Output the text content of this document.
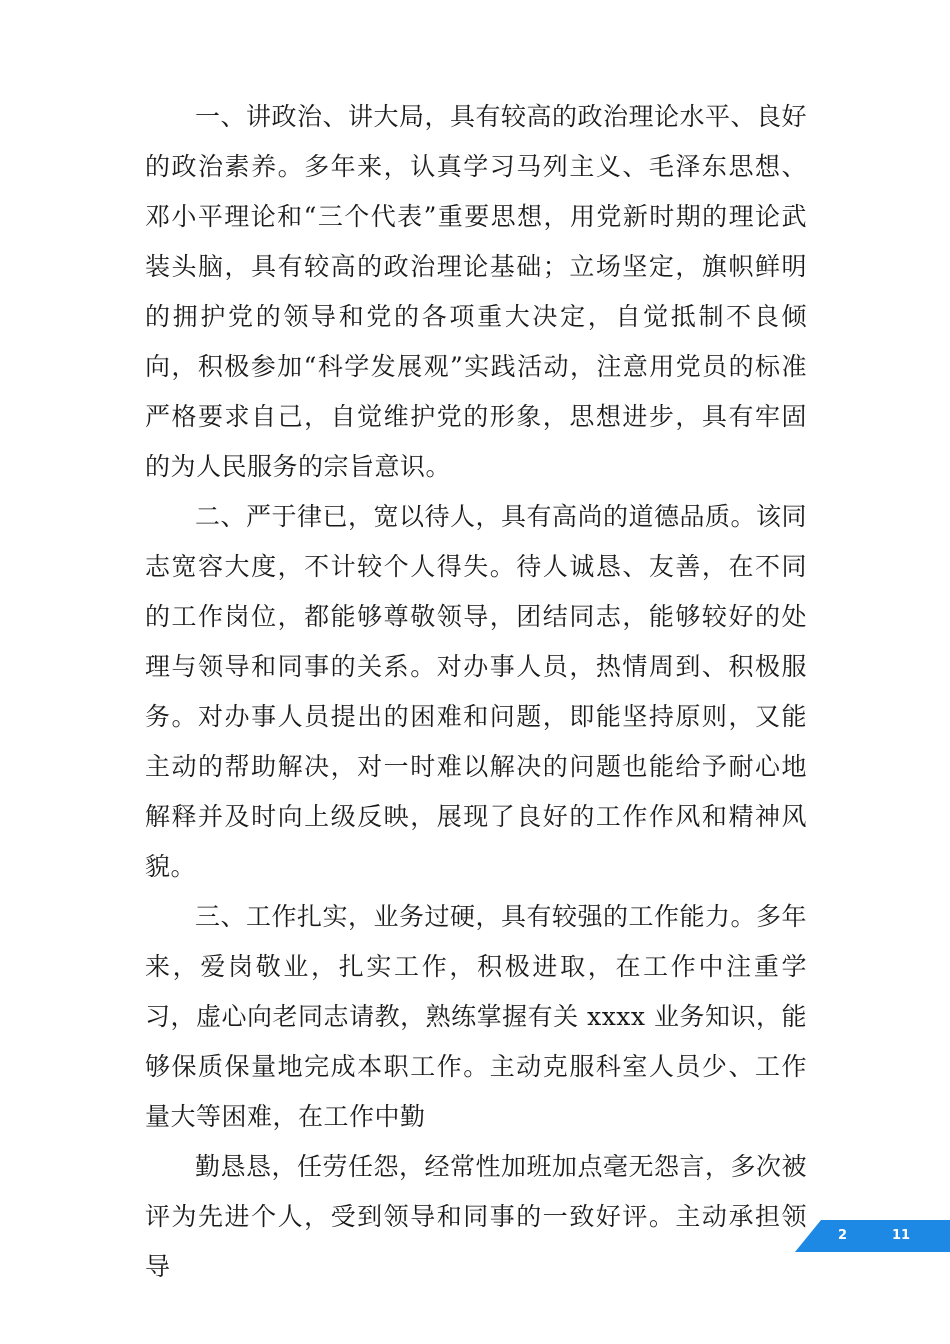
一、讲政治、讲大局，具有较高的政治理论水平、良好的政治素养。多年来，认真学习马列主义、毛泽东思想、邓小平理论和“三个代表”重要思想，用党新时期的理论武装头脑，具有较高的政治理论基础；立场坚定，旗帜鲜明的拥护党的领导和党的各项重大决定，自觉抵制不良倾向，积极参加“科学发展观”实践活动，注意用党员的标准严格要求自己，自觉维护党的形象，思想进步，具有牢固的为人民服务的宗旨意识。

二、严于律已，宽以待人，具有高尚的道德品质。该同志宽容大度，不计较个人得失。待人诚恳、友善，在不同的工作岗位，都能够尊敬领导，团结同志，能够较好的处理与领导和同事的关系。对办事人员，热情周到、积极服务。对办事人员提出的困难和问题，即能坚持原则，又能主动的帮助解决，对一时难以解决的问题也能给予耐心地解释并及时向上级反映，展现了良好的工作作风和精神风貌。

三、工作扎实，业务过硬，具有较强的工作能力。多年来，爱岗敬业，扎实工作，积极进取，在工作中注重学习，虚心向老同志请教，熟练掌握有关 xxxx 业务知识，能够保质保量地完成本职工作。主动克服科室人员少、工作量大等困难，在工作中勤

勤恳恳，任劳任怨，经常性加班加点毫无怨言，多次被评为先进个人，受到领导和同事的一致好评。主动承担领导

2	11
